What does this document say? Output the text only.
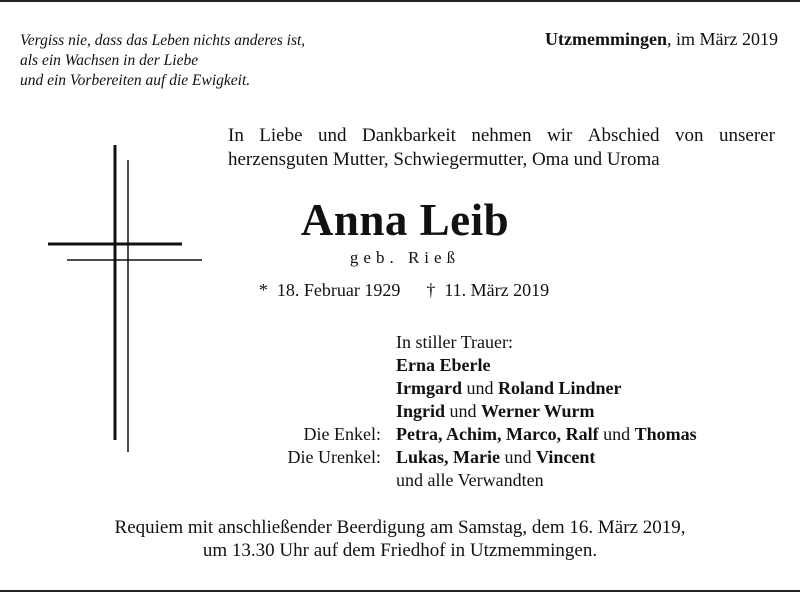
Vergiss nie, dass das Leben nichts anderes ist,
als ein Wachsen in der Liebe
und ein Vorbereiten auf die Ewigkeit.
Utzmemmingen, im März 2019
In Liebe und Dankbarkeit nehmen wir Abschied von unserer
herzensguten Mutter, Schwiegermutter, Oma und Uroma
Anna Leib
geb. Rieß
* 18. Februar 1929 † 11. März 2019
In stiller Trauer:
Erna Eberle
Irmgard und Roland Lindner
Ingrid und Werner Wurm
Die Enkel: Petra, Achim, Marco, Ralf und Thomas
Die Urenkel: Lukas, Marie und Vincent
und alle Verwandten
Requiem mit anschließender Beerdigung am Samstag, dem 16. März 2019,
um 13.30 Uhr auf dem Friedhof in Utzmemmingen.
